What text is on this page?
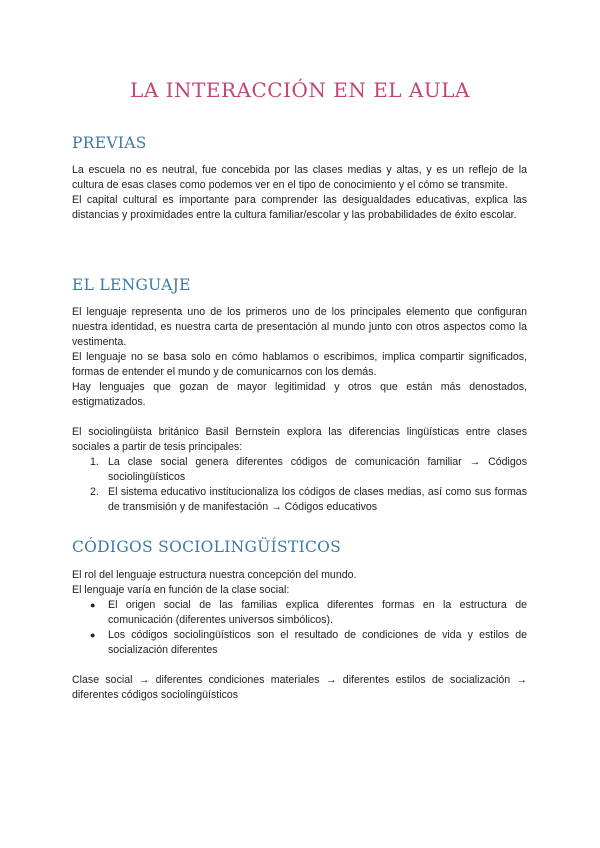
LA INTERACCIÓN EN EL AULA
PREVIAS

La escuela no es neutral, fue concebida por las clases medias y altas, y es un reflejo de la cultura de esas clases como podemos ver en el tipo de conocimiento y el cómo se transmite.

El capital cultural es importante para comprender las desigualdades educativas, explica las distancias y proximidades entre la cultura familiar/escolar y las probabilidades de éxito escolar.

EL LENGUAJE

El lenguaje representa uno de los primeros uno de los principales elemento que configuran nuestra identidad, es nuestra carta de presentación al mundo junto con otros aspectos como la vestimenta.

El lenguaje no se basa solo en cómo hablamos o escribimos, implica compartir significados, formas de entender el mundo y de comunicarnos con los demás.

Hay lenguajes que gozan de mayor legitimidad y otros que están más denostados, estigmatizados.

El sociolingüista británico Basil Bernstein explora las diferencias lingüísticas entre clases sociales a partir de tesis principales:

1. La clase social genera diferentes códigos de comunicación familiar → Códigos sociolingüísticos
2. El sistema educativo institucionaliza los códigos de clases medias, así como sus formas de transmisión y de manifestación → Códigos educativos
CÓDIGOS SOCIOLINGÜÍSTICOS

El rol del lenguaje estructura nuestra concepción del mundo.

El lenguaje varía en función de la clase social:

● El origen social de las familias explica diferentes formas en la estructura de comunicación (diferentes universos simbólicos).
● Los códigos sociolingüísticos son el resultado de condiciones de vida y estilos de socialización diferentes

Clase social → diferentes condiciones materiales → diferentes estilos de socialización → diferentes códigos sociolingüísticos
